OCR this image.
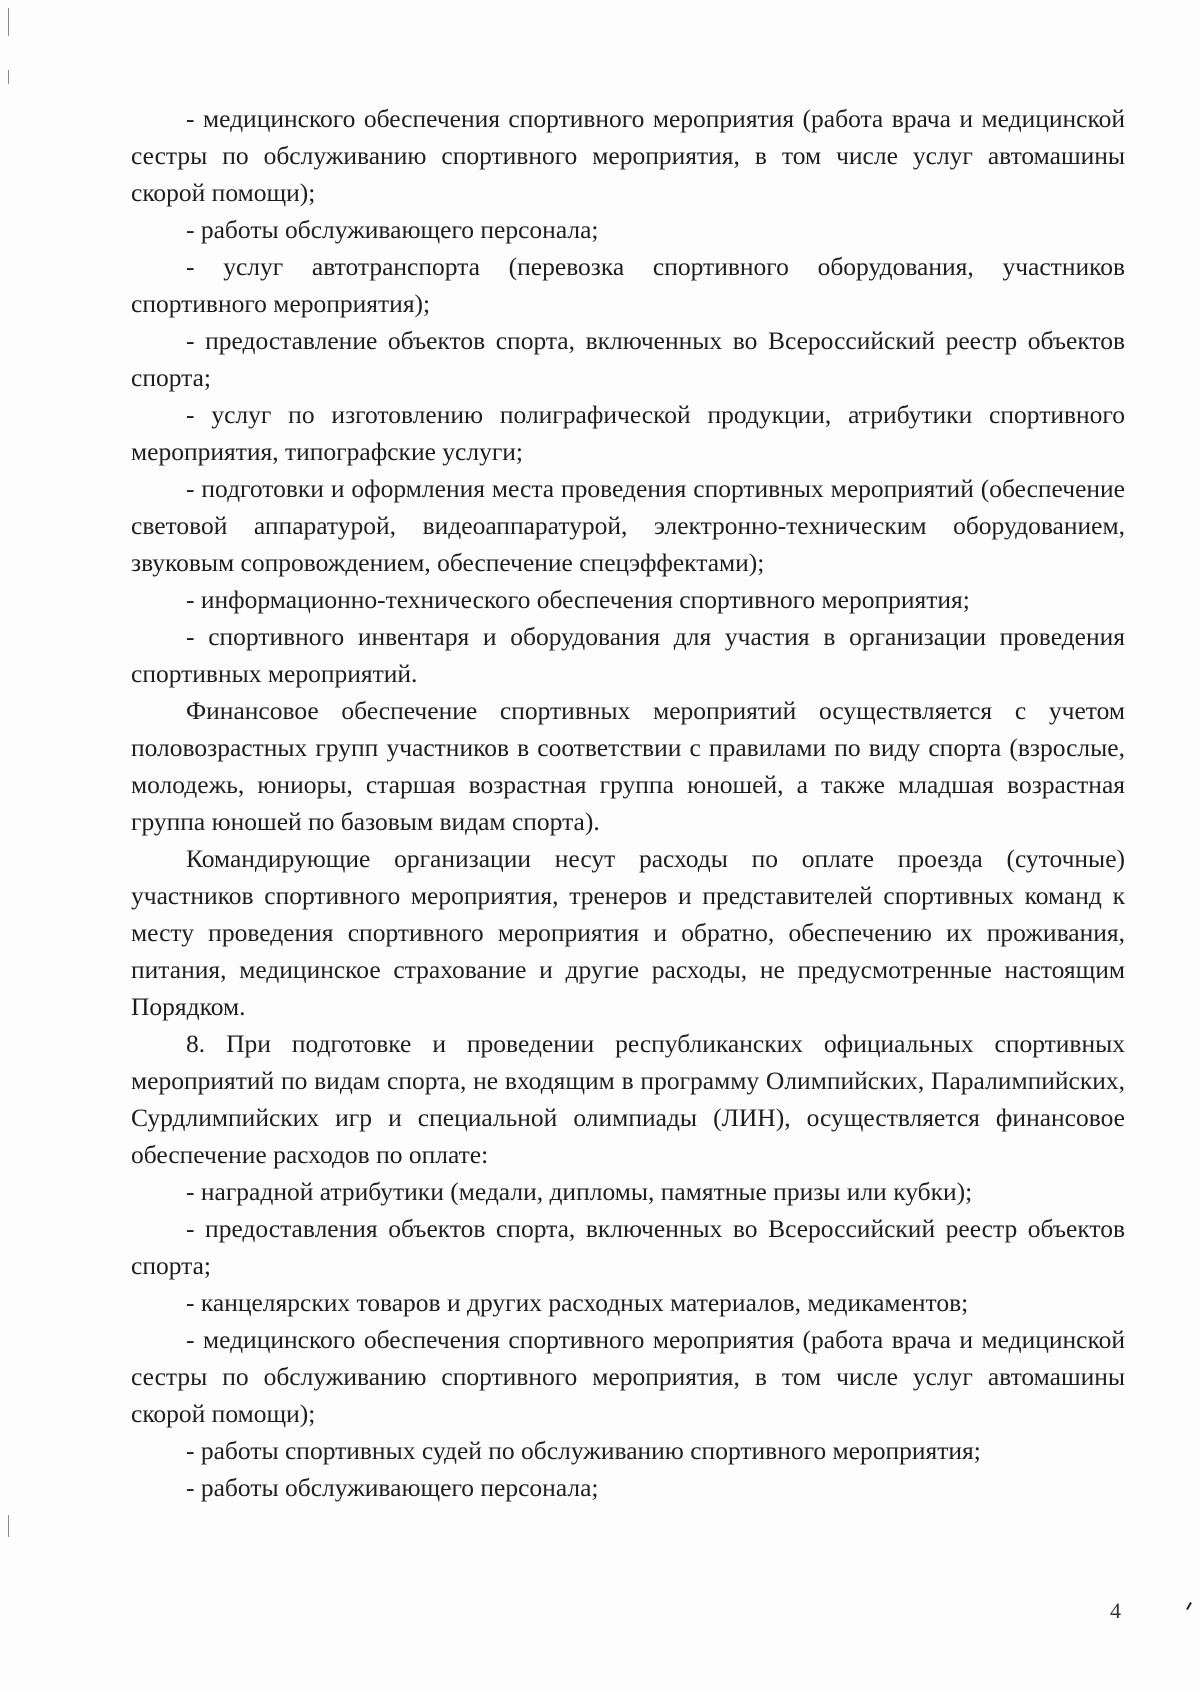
- медицинского обеспечения спортивного мероприятия (работа врача и медицинской сестры по обслуживанию спортивного мероприятия, в том числе услуг автомашины скорой помощи);

- работы обслуживающего персонала;

- услуг автотранспорта (перевозка спортивного оборудования, участников спортивного мероприятия);

- предоставление объектов спорта, включенных во Всероссийский реестр объектов спорта;

- услуг по изготовлению полиграфической продукции, атрибутики спортивного мероприятия, типографские услуги;

- подготовки и оформления места проведения спортивных мероприятий (обеспечение световой аппаратурой, видеоаппаратурой, электронно-техническим оборудованием, звуковым сопровождением, обеспечение спецэффектами);

- информационно-технического обеспечения спортивного мероприятия;

- спортивного инвентаря и оборудования для участия в организации проведения спортивных мероприятий.

Финансовое обеспечение спортивных мероприятий осуществляется с учетом половозрастных групп участников в соответствии с правилами по виду спорта (взрослые, молодежь, юниоры, старшая возрастная группа юношей, а также младшая возрастная группа юношей по базовым видам спорта).

Командирующие организации несут расходы по оплате проезда (суточные) участников спортивного мероприятия, тренеров и представителей спортивных команд к месту проведения спортивного мероприятия и обратно, обеспечению их проживания, питания, медицинское страхование и другие расходы, не предусмотренные настоящим Порядком.

8. При подготовке и проведении республиканских официальных спортивных мероприятий по видам спорта, не входящим в программу Олимпийских, Паралимпийских, Сурдлимпийских игр и специальной олимпиады (ЛИН), осуществляется финансовое обеспечение расходов по оплате:

- наградной атрибутики (медали, дипломы, памятные призы или кубки);

- предоставления объектов спорта, включенных во Всероссийский реестр объектов спорта;

- канцелярских товаров и других расходных материалов, медикаментов;

- медицинского обеспечения спортивного мероприятия (работа врача и медицинской сестры по обслуживанию спортивного мероприятия, в том числе услуг автомашины скорой помощи);

- работы спортивных судей по обслуживанию спортивного мероприятия;

- работы обслуживающего персонала;

4
